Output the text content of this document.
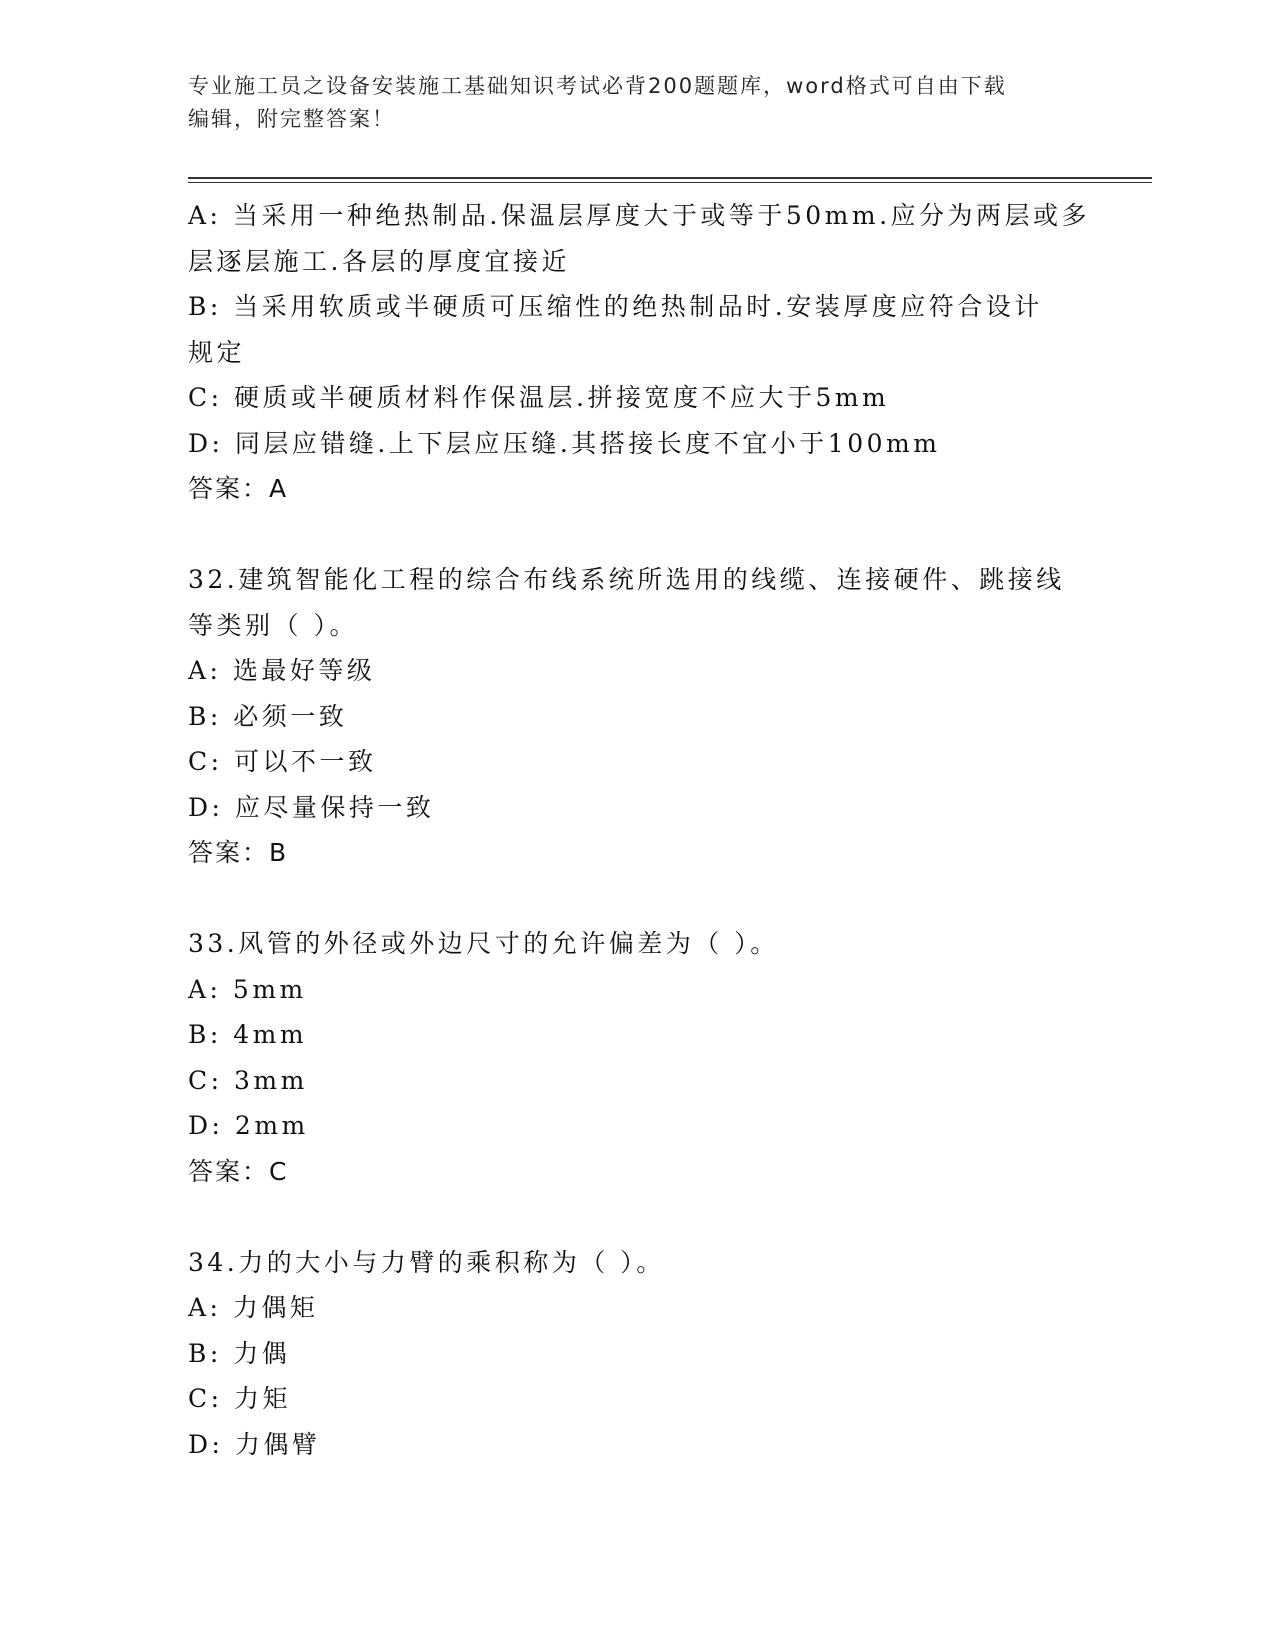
专业施工员之设备安装施工基础知识考试必背200题题库，word格式可自由下载
编辑，附完整答案！
A: 当采用一种绝热制品.保温层厚度大于或等于50mm.应分为两层或多
层逐层施工.各层的厚度宜接近
B: 当采用软质或半硬质可压缩性的绝热制品时.安装厚度应符合设计
规定
C: 硬质或半硬质材料作保温层.拼接宽度不应大于5mm
D: 同层应错缝.上下层应压缝.其搭接长度不宜小于100mm
答案：A
32.建筑智能化工程的综合布线系统所选用的线缆、连接硬件、跳接线
等类别（ ）。
A: 选最好等级
B: 必须一致
C: 可以不一致
D: 应尽量保持一致
答案：B
33.风管的外径或外边尺寸的允许偏差为（ ）。
A: 5mm
B: 4mm
C: 3mm
D: 2mm
答案：C
34.力的大小与力臂的乘积称为（ ）。
A: 力偶矩
B: 力偶
C: 力矩
D: 力偶臂
